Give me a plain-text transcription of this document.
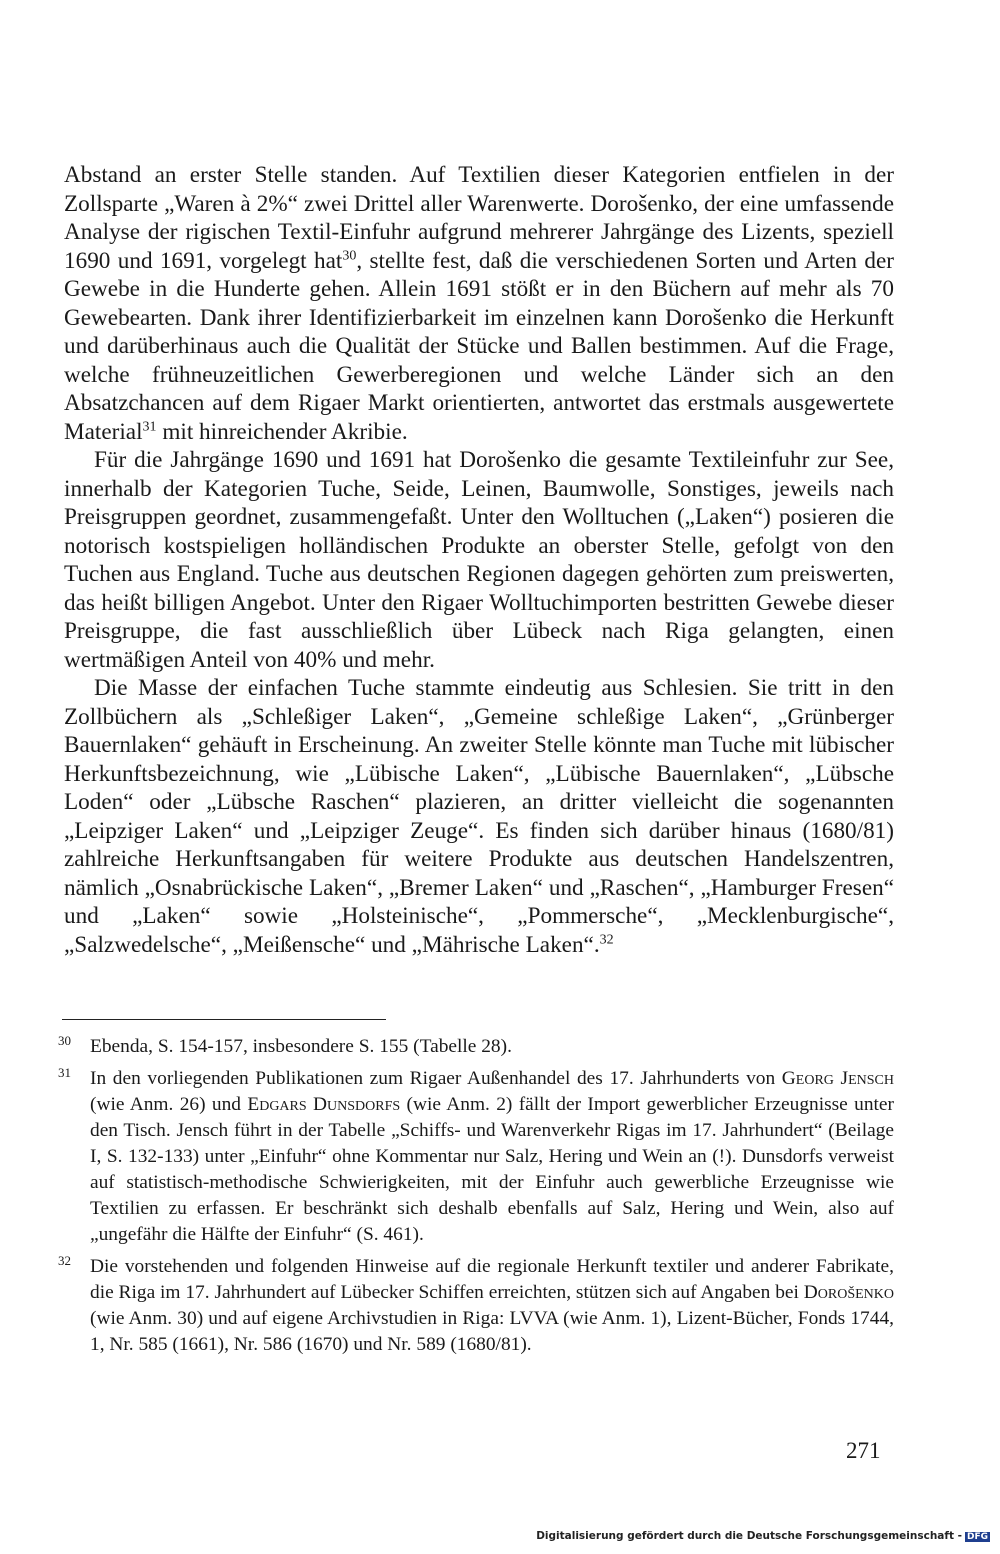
Abstand an erster Stelle standen. Auf Textilien dieser Kategorien entfielen in der Zollsparte „Waren à 2%“ zwei Drittel aller Warenwerte. Dorošenko, der eine umfassende Analyse der rigischen Textil-Einfuhr aufgrund mehrerer Jahrgänge des Lizents, speziell 1690 und 1691, vorgelegt hat$^{30}$, stellte fest, daß die verschiedenen Sorten und Arten der Gewebe in die Hunderte gehen. Allein 1691 stößt er in den Büchern auf mehr als 70 Gewebearten. Dank ihrer Identifizierbarkeit im einzelnen kann Dorošenko die Herkunft und darüberhinaus auch die Qualität der Stücke und Ballen bestimmen. Auf die Frage, welche frühneuzeitlichen Gewerberegionen und welche Länder sich an den Absatzchancen auf dem Rigaer Markt orientierten, antwortet das erstmals ausgewertete Material$^{31}$ mit hinreichender Akribie.

Für die Jahrgänge 1690 und 1691 hat Dorošenko die gesamte Textileinfuhr zur See, innerhalb der Kategorien Tuche, Seide, Leinen, Baumwolle, Sonstiges, jeweils nach Preisgruppen geordnet, zusammengefaßt. Unter den Wolltuchen („Laken“) posieren die notorisch kostspieligen holländischen Produkte an oberster Stelle, gefolgt von den Tuchen aus England. Tuche aus deutschen Regionen dagegen gehörten zum preiswerten, das heißt billigen Angebot. Unter den Rigaer Wolltuchimporten bestritten Gewebe dieser Preisgruppe, die fast ausschließlich über Lübeck nach Riga gelangten, einen wertmäßigen Anteil von 40% und mehr.

Die Masse der einfachen Tuche stammte eindeutig aus Schlesien. Sie tritt in den Zollbüchern als „Schleßiger Laken“, „Gemeine schleßige Laken“, „Grünberger Bauernlaken“ gehäuft in Erscheinung. An zweiter Stelle könnte man Tuche mit lübischer Herkunftsbezeichnung, wie „Lübische Laken“, „Lübische Bauernlaken“, „Lübsche Loden“ oder „Lübsche Raschen“ plazieren, an dritter vielleicht die sogenannten „Leipziger Laken“ und „Leipziger Zeuge“. Es finden sich darüber hinaus (1680/81) zahlreiche Herkunftsangaben für weitere Produkte aus deutschen Handelszentren, nämlich „Osnabrückische Laken“, „Bremer Laken“ und „Raschen“, „Hamburger Fresen“ und „Laken“ sowie „Holsteinische“, „Pommersche“, „Mecklenburgische“, „Salzwedelsche“, „Meißensche“ und „Mährische Laken“.$^{32}$

30 Ebenda, S. 154-157, insbesondere S. 155 (Tabelle 28).
31 In den vorliegenden Publikationen zum Rigaer Außenhandel des 17. Jahrhunderts von Georg Jensch (wie Anm. 26) und Edgars Dunsdorfs (wie Anm. 2) fällt der Import gewerblicher Erzeugnisse unter den Tisch. Jensch führt in der Tabelle „Schiffs- und Warenverkehr Rigas im 17. Jahrhundert“ (Beilage I, S. 132-133) unter „Einfuhr“ ohne Kommentar nur Salz, Hering und Wein an (!). Dunsdorfs verweist auf statistisch-methodische Schwierigkeiten, mit der Einfuhr auch gewerbliche Erzeugnisse wie Textilien zu erfassen. Er beschränkt sich deshalb ebenfalls auf Salz, Hering und Wein, also auf „ungefähr die Hälfte der Einfuhr“ (S. 461).
32 Die vorstehenden und folgenden Hinweise auf die regionale Herkunft textiler und anderer Fabrikate, die Riga im 17. Jahrhundert auf Lübecker Schiffen erreichten, stützen sich auf Angaben bei Dorošenko (wie Anm. 30) und auf eigene Archivstudien in Riga: LVVA (wie Anm. 1), Lizent-Bücher, Fonds 1744, 1, Nr. 585 (1661), Nr. 586 (1670) und Nr. 589 (1680/81).
271
Digitalisierung gefördert durch die Deutsche Forschungsgemeinschaft - DFG
